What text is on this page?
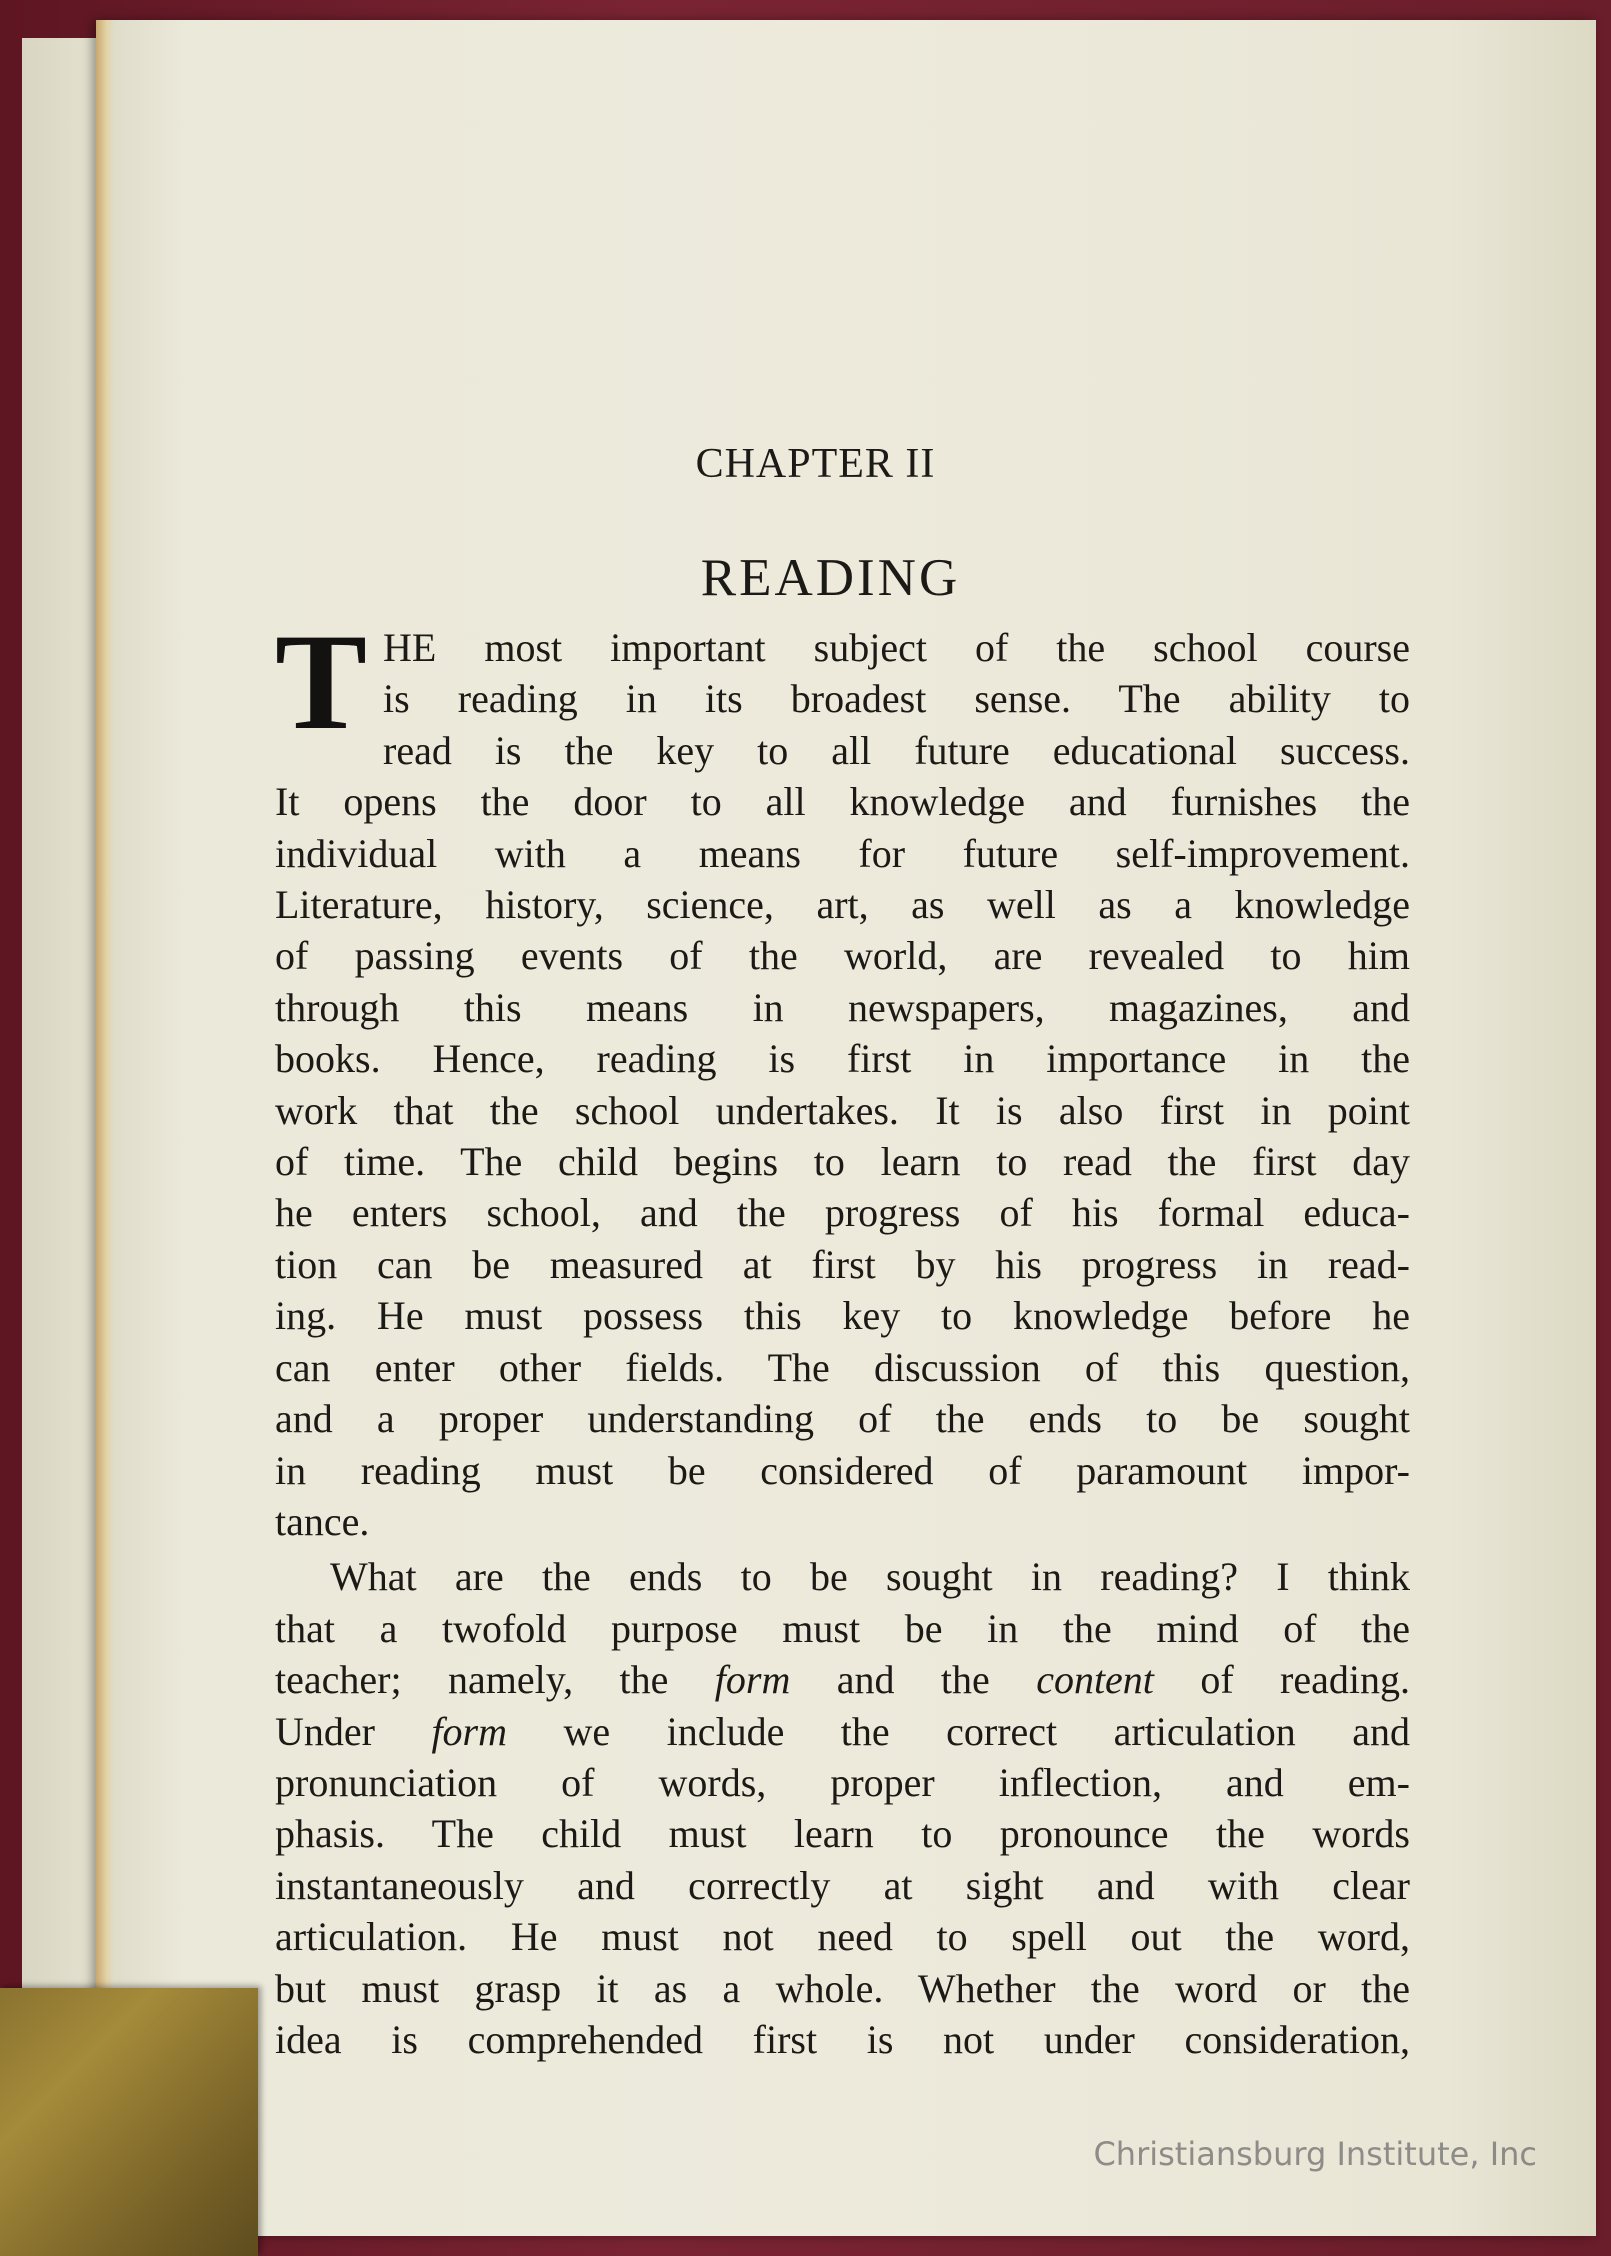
CHAPTER II
READING
T HE most important subject of the school course
is reading in its broadest sense. The ability to
read is the key to all future educational success.
It opens the door to all knowledge and furnishes the
individual with a means for future self-improvement.
Literature, history, science, art, as well as a knowledge
of passing events of the world, are revealed to him
through this means in newspapers, magazines, and
books. Hence, reading is first in importance in the
work that the school undertakes. It is also first in point
of time. The child begins to learn to read the first day
he enters school, and the progress of his formal educa-
tion can be measured at first by his progress in read-
ing. He must possess this key to knowledge before he
can enter other fields. The discussion of this question,
and a proper understanding of the ends to be sought
in reading must be considered of paramount impor-
tance.
What are the ends to be sought in reading? I think
that a twofold purpose must be in the mind of the
teacher; namely, the form and the content of reading.
Under form we include the correct articulation and
pronunciation of words, proper inflection, and em-
phasis. The child must learn to pronounce the words
instantaneously and correctly at sight and with clear
articulation. He must not need to spell out the word,
but must grasp it as a whole. Whether the word or the
idea is comprehended first is not under consideration,
Christiansburg Institute, Inc
